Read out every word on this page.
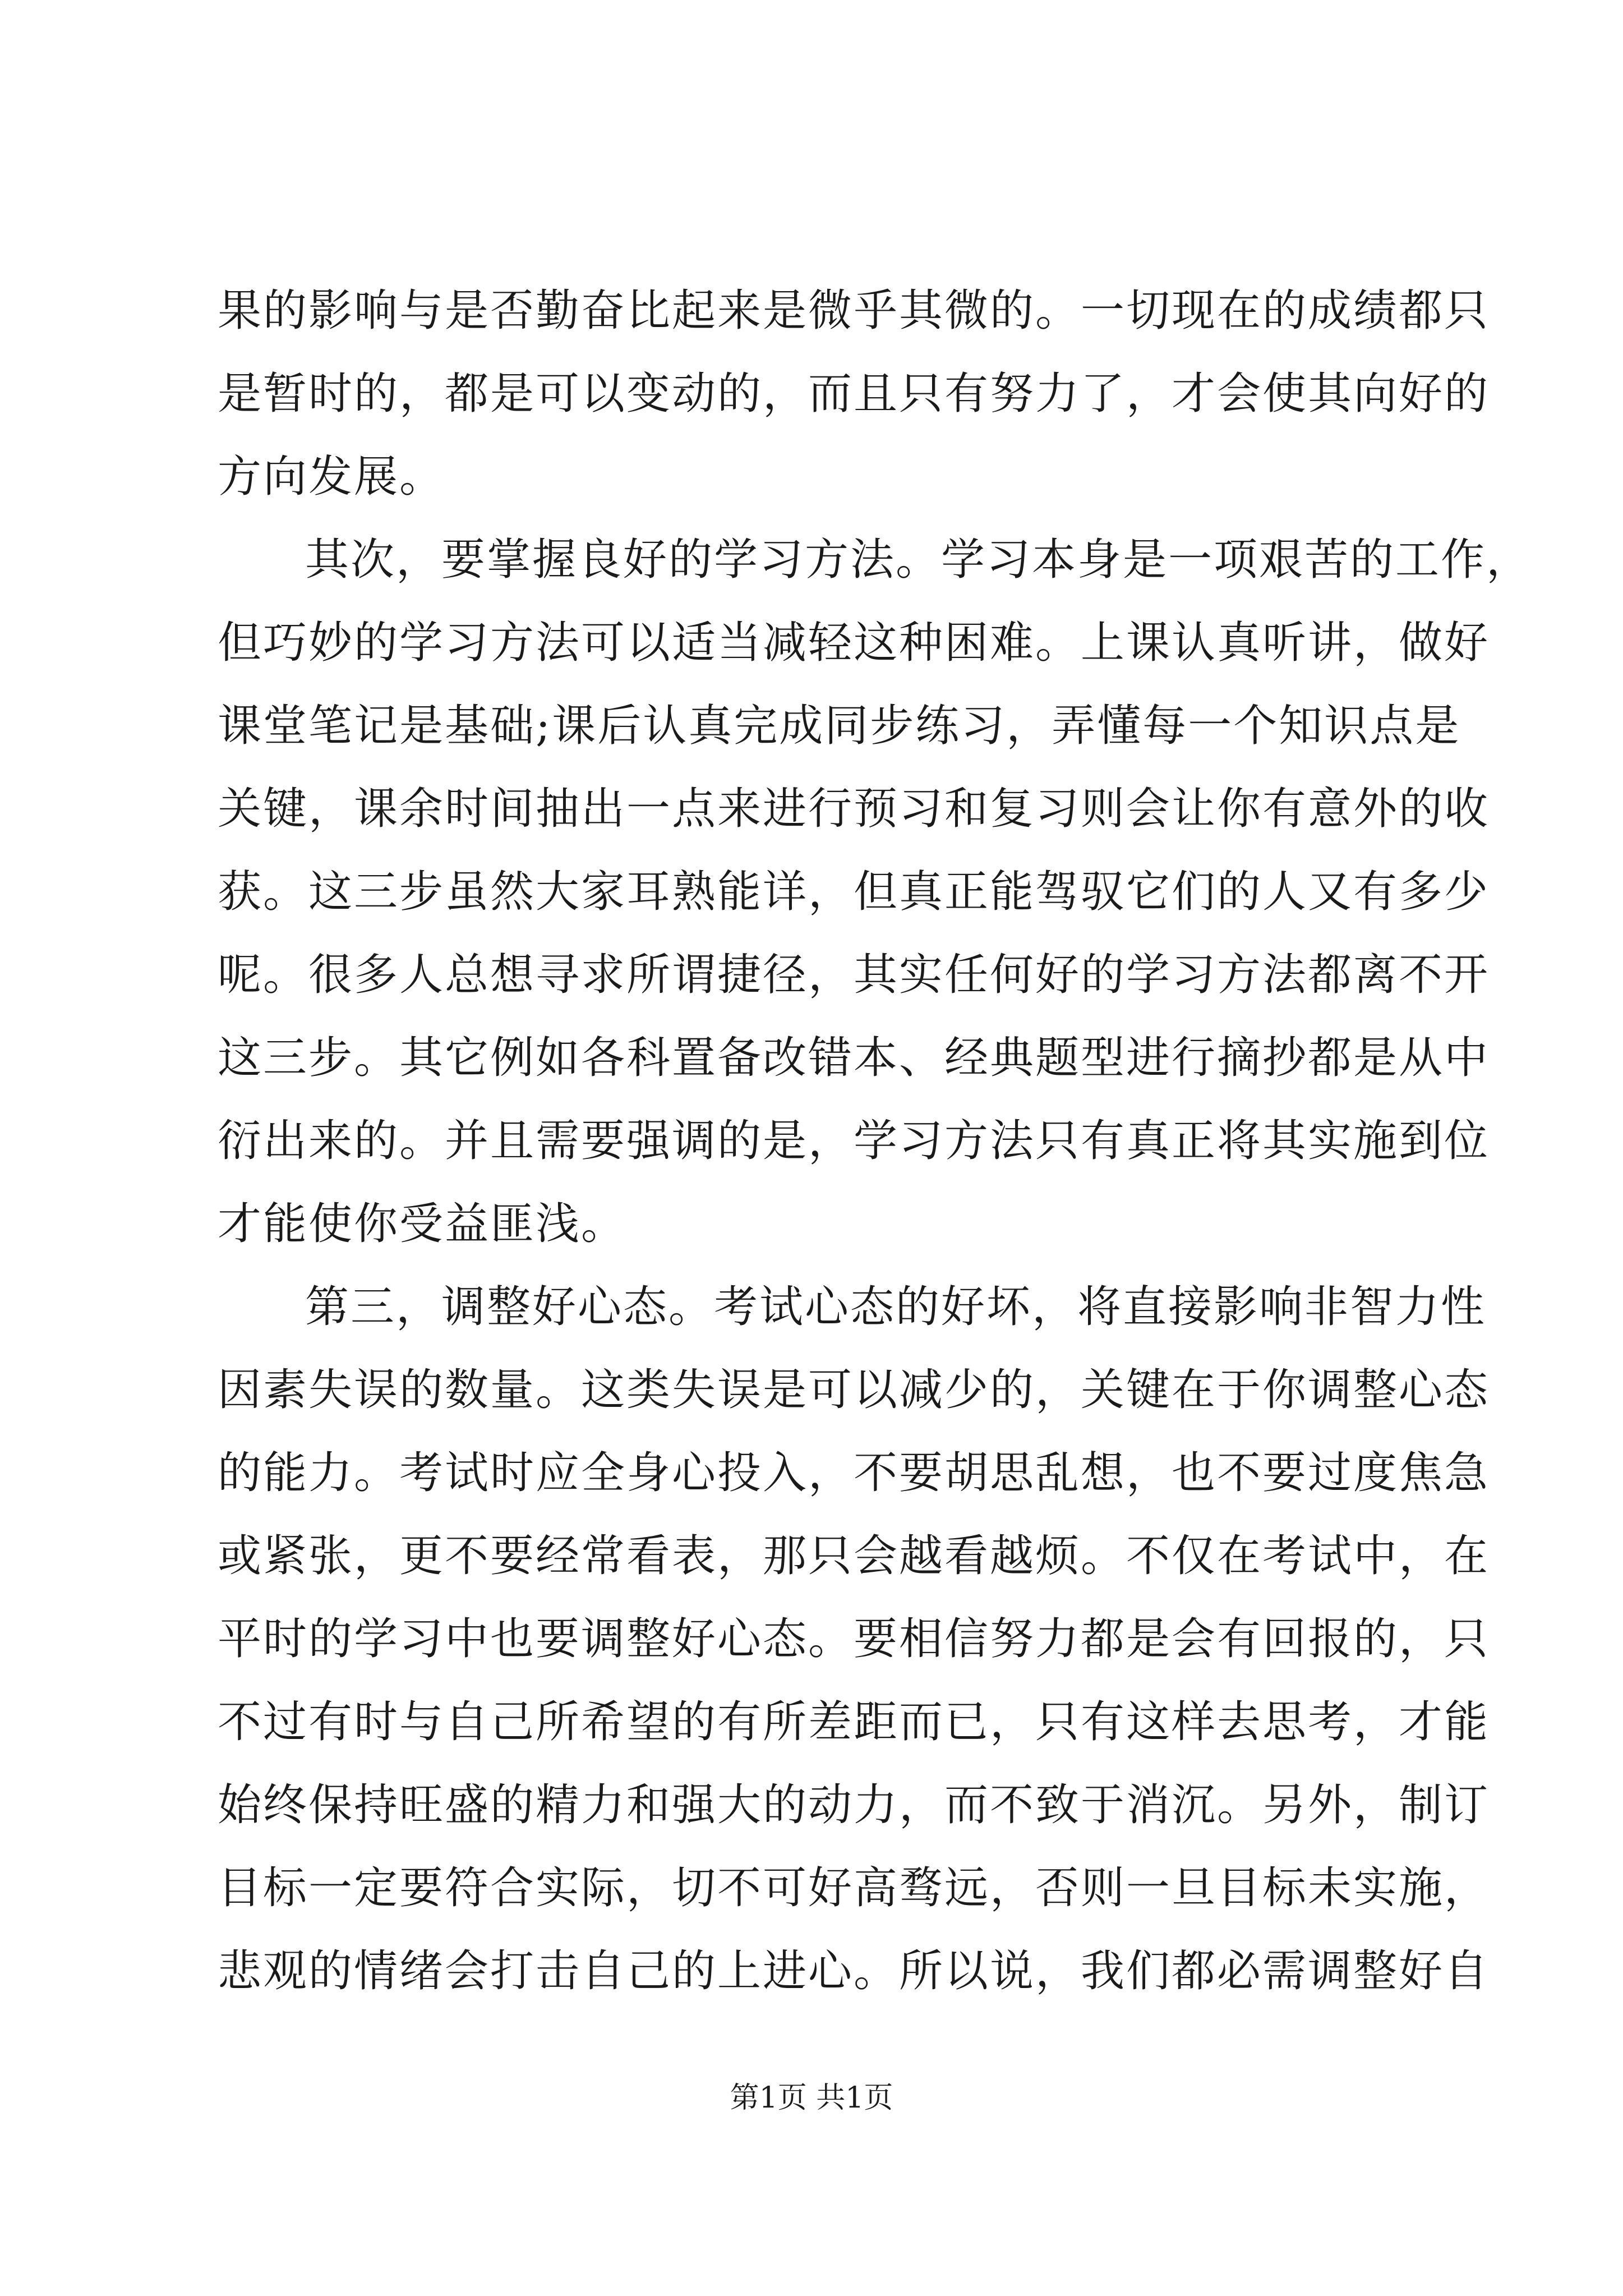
果的影响与是否勤奋比起来是微乎其微的。一切现在的成绩都只
是暂时的，都是可以变动的，而且只有努力了，才会使其向好的
方向发展。
其次，要掌握良好的学习方法。学习本身是一项艰苦的工作，
但巧妙的学习方法可以适当减轻这种困难。上课认真听讲，做好
课堂笔记是基础;课后认真完成同步练习，弄懂每一个知识点是
关键，课余时间抽出一点来进行预习和复习则会让你有意外的收
获。这三步虽然大家耳熟能详，但真正能驾驭它们的人又有多少
呢。很多人总想寻求所谓捷径，其实任何好的学习方法都离不开
这三步。其它例如各科置备改错本、经典题型进行摘抄都是从中
衍出来的。并且需要强调的是，学习方法只有真正将其实施到位
才能使你受益匪浅。
第三，调整好心态。考试心态的好坏，将直接影响非智力性
因素失误的数量。这类失误是可以减少的，关键在于你调整心态
的能力。考试时应全身心投入，不要胡思乱想，也不要过度焦急
或紧张，更不要经常看表，那只会越看越烦。不仅在考试中，在
平时的学习中也要调整好心态。要相信努力都是会有回报的，只
不过有时与自己所希望的有所差距而已，只有这样去思考，才能
始终保持旺盛的精力和强大的动力，而不致于消沉。另外，制订
目标一定要符合实际，切不可好高骛远，否则一旦目标未实施，
悲观的情绪会打击自己的上进心。所以说，我们都必需调整好自
第1页 共1页
